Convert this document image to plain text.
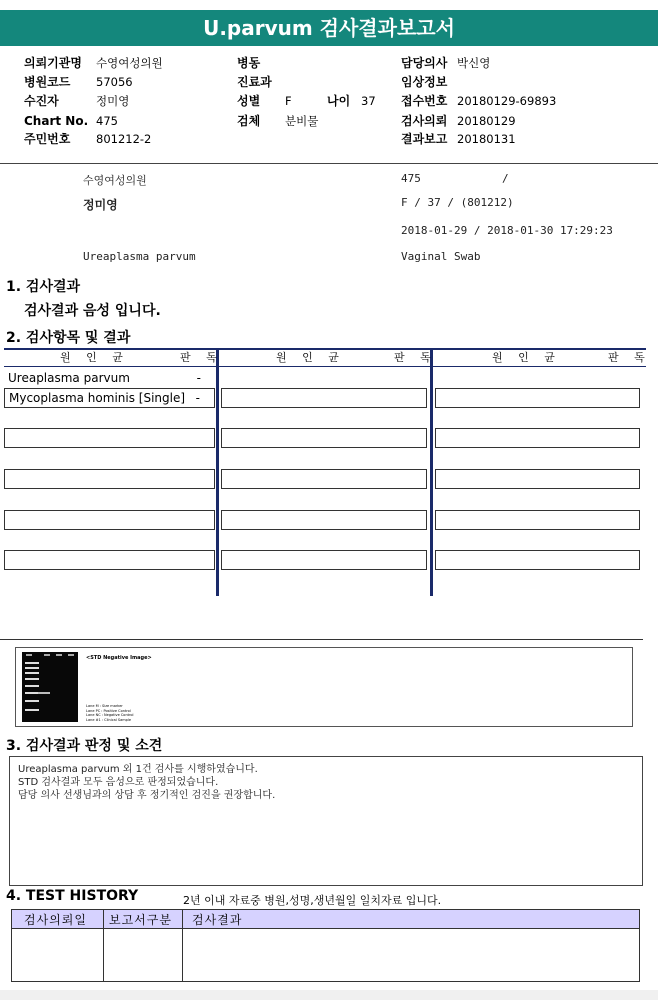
U.parvum 검사결과보고서
의뢰기관명 수영여성의원
병원코드 57056
수진자	정미영
Chart No. 475
주민번호 801212-2
병동
진료과
성별 F	나이 37
검체 분비물
담당의사 박신영
임상정보
접수번호 20180129-69893
검사의뢰 20180129
결과보고 20180131
수영여성의원	475	/
정미영	F / 37 / (801212)
2018-01-29 / 2018-01-30 17:29:23
Ureaplasma parvum	Vaginal Swab
1. 검사결과
검사결과 음성 입니다.
2. 검사항목 및 결과
원 인 균	판 독	원 인 균	판 독	원 인 균	판 독
Ureaplasma parvum	-
Mycoplasma hominis [Single] -
<STD Negative Image>
Lane M : Size marker
Lane PC : Positive Control
Lane NC : Negative Control
Lane #1 : Clinical Sample
3. 검사결과 판정 및 소견
Ureaplasma parvum 외 1건 검사를 시행하였습니다.
STD 검사결과 모두 음성으로 판정되었습니다.
담당 의사 선생님과의 상담 후 정기적인 검진을 권장합니다.
4. TEST HISTORY	2년 이내 자료중 병원,성명,생년월일 일치자료 입니다.
검사의뢰일 보고서구분 검사결과
